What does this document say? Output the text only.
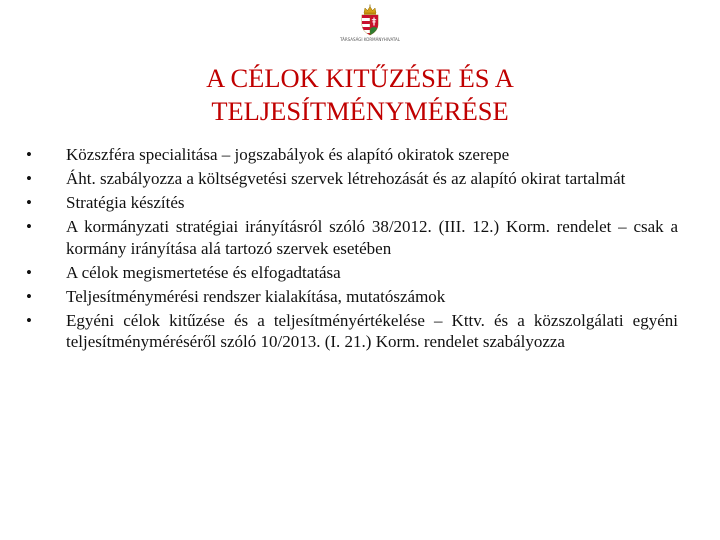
TÁRSASÁGI KORMÁNYHIVATAL
A CÉLOK KITŰZÉSE ÉS A
TELJESÍTMÉNYMÉRÉSE
•	Közszféra specialitása – jogszabályok és alapító okiratok szerepe
•	Áht. szabályozza a költségvetési szervek létrehozását és az alapító okirat tartalmát
•	Stratégia készítés
•	A kormányzati stratégiai irányításról szóló 38/2012. (III. 12.) Korm. rendelet – csak a kormány irányítása alá tartozó szervek esetében
•	A célok megismertetése és elfogadtatása
•	Teljesítménymérési rendszer kialakítása, mutatószámok
•	Egyéni célok kitűzése és a teljesítményértékelése – Kttv. és a közszolgálati egyéni teljesítményméréséről szóló 10/2013. (I. 21.) Korm. rendelet szabályozza
